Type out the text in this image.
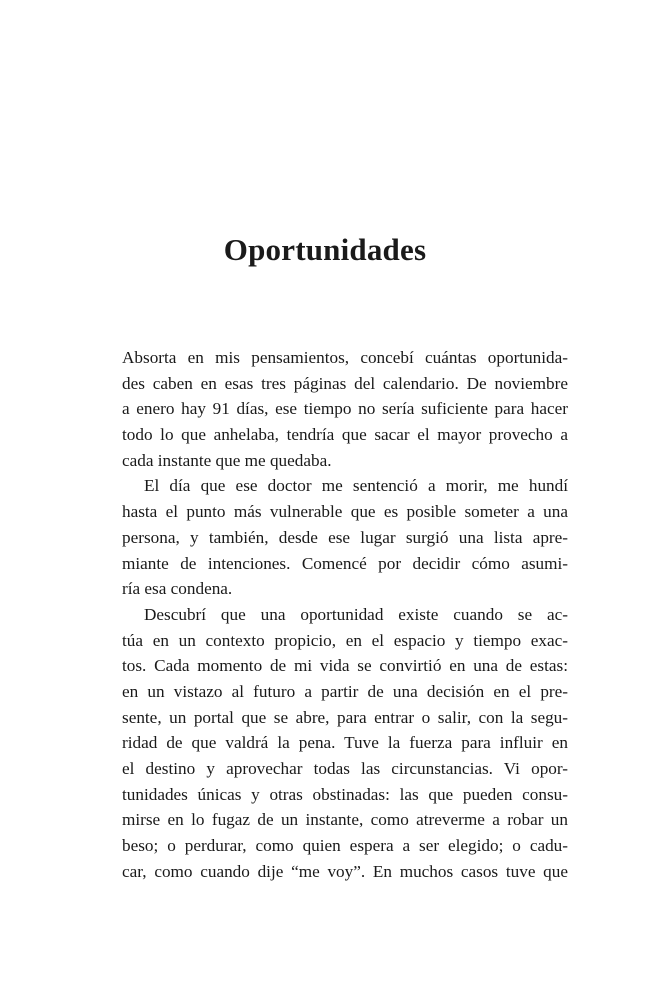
Oportunidades
Absorta en mis pensamientos, concebí cuántas oportunida-
des caben en esas tres páginas del calendario. De noviembre
a enero hay 91 días, ese tiempo no sería suficiente para hacer
todo lo que anhelaba, tendría que sacar el mayor provecho a
cada instante que me quedaba.
El día que ese doctor me sentenció a morir, me hundí
hasta el punto más vulnerable que es posible someter a una
persona, y también, desde ese lugar surgió una lista apre-
miante de intenciones. Comencé por decidir cómo asumi-
ría esa condena.
Descubrí que una oportunidad existe cuando se ac-
túa en un contexto propicio, en el espacio y tiempo exac-
tos. Cada momento de mi vida se convirtió en una de estas:
en un vistazo al futuro a partir de una decisión en el pre-
sente, un portal que se abre, para entrar o salir, con la segu-
ridad de que valdrá la pena. Tuve la fuerza para influir en
el destino y aprovechar todas las circunstancias. Vi opor-
tunidades únicas y otras obstinadas: las que pueden consu-
mirse en lo fugaz de un instante, como atreverme a robar un
beso; o perdurar, como quien espera a ser elegido; o cadu-
car, como cuando dije “me voy”. En muchos casos tuve que
